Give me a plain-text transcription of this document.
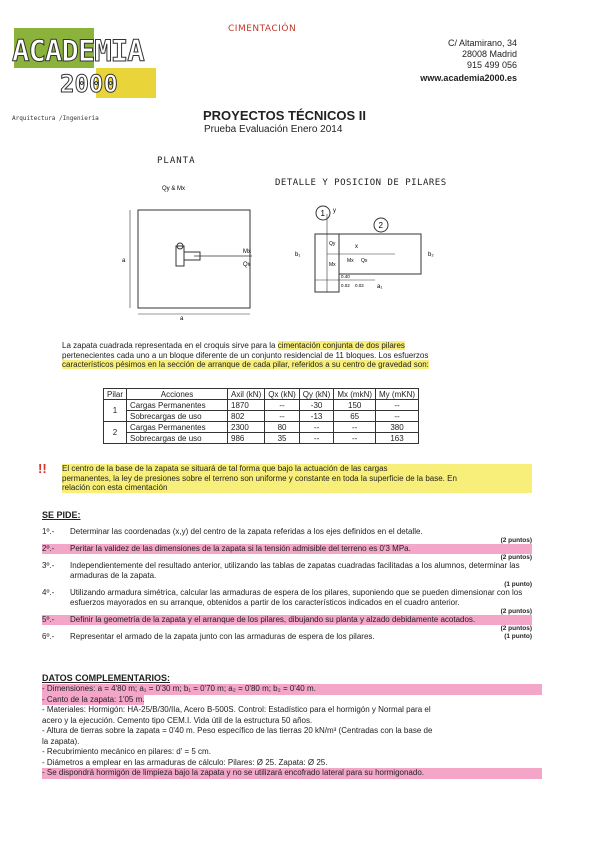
CIMENTACIÓN
ACADEMIA
2000
Arquitectura /Ingeniería
C/ Altamirano, 34
28008 Madrid
915 499 056
www.academia2000.es
PROYECTOS TÉCNICOS II
Prueba Evaluación Enero 2014
PLANTA
DETALLE Y POSICION DE PILARES
Qy & Mx
Mx
Qx
a
a
1
2
y
x
b₁	b₂
a₁
Qy
Mx
Mx Qx
0.40
0.02 0.02
La zapata cuadrada representada en el croquis sirve para la cimentación conjunta de dos pilares
pertenecientes cada uno a un bloque diferente de un conjunto residencial de 11 bloques. Los esfuerzos
característicos pésimos en la sección de arranque de cada pilar, referidos a su centro de gravedad son:
Pilar	Acciones	Axil (kN)	Qx (kN)	Qy (kN)	Mx (mkN)	My (mKN)
1	Cargas Permanentes	1870	--	-30	150	--
	Sobrecargas de uso	802	--	-13	65	--
2	Cargas Permanentes	2300	80	--	--	380
	Sobrecargas de uso	986	35	--	--	163
!! El centro de la base de la zapata se situará de tal forma que bajo la actuación de las cargas
permanentes, la ley de presiones sobre el terreno son uniforme y constante en toda la superficie de la base. En
relación con esta cimentación
SE PIDE:
1º.-	Determinar las coordenadas (x,y) del centro de la zapata referidas a los ejes definidos en el detalle.
(2 puntos)
2º.-	Peritar la validez de las dimensiones de la zapata si la tensión admisible del terreno es 0'3 MPa.
(2 puntos)
3º.-	Independientemente del resultado anterior, utilizando las tablas de zapatas cuadradas facilitadas a los alumnos, determinar las armaduras de la zapata.
(1 punto)
4º.-	Utilizando armadura simétrica, calcular las armaduras de espera de los pilares, suponiendo que se pueden dimensionar con los esfuerzos mayorados en su arranque, obtenidos a partir de los característicos indicados en el cuadro anterior.
(2 puntos)
5º.-	Definir la geometría de la zapata y el arranque de los pilares, dibujando su planta y alzado debidamente acotados.
(2 puntos)
6º.-	Representar el armado de la zapata junto con las armaduras de espera de los pilares.	(1 punto)
DATOS COMPLEMENTARIOS:
- Dimensiones: a = 4'80 m; a₁ = 0'30 m; b₁ = 0'70 m; a₂ = 0'80 m; b₂ = 0'40 m.
- Canto de la zapata: 1'05 m.
- Materiales: Hormigón: HA-25/B/30/IIa, Acero B-500S. Control: Estadístico para el hormigón y Normal para el
acero y la ejecución. Cemento tipo CEM.I. Vida útil de la estructura 50 años.
- Altura de tierras sobre la zapata = 0'40 m. Peso específico de las tierras 20 kN/m³ (Centradas con la base de
la zapata).
- Recubrimiento mecánico en pilares: d' = 5 cm.
- Diámetros a emplear en las armaduras de cálculo: Pilares: Ø 25. Zapata: Ø 25.
- Se dispondrá hormigón de limpieza bajo la zapata y no se utilizará encofrado lateral para su hormigonado.
